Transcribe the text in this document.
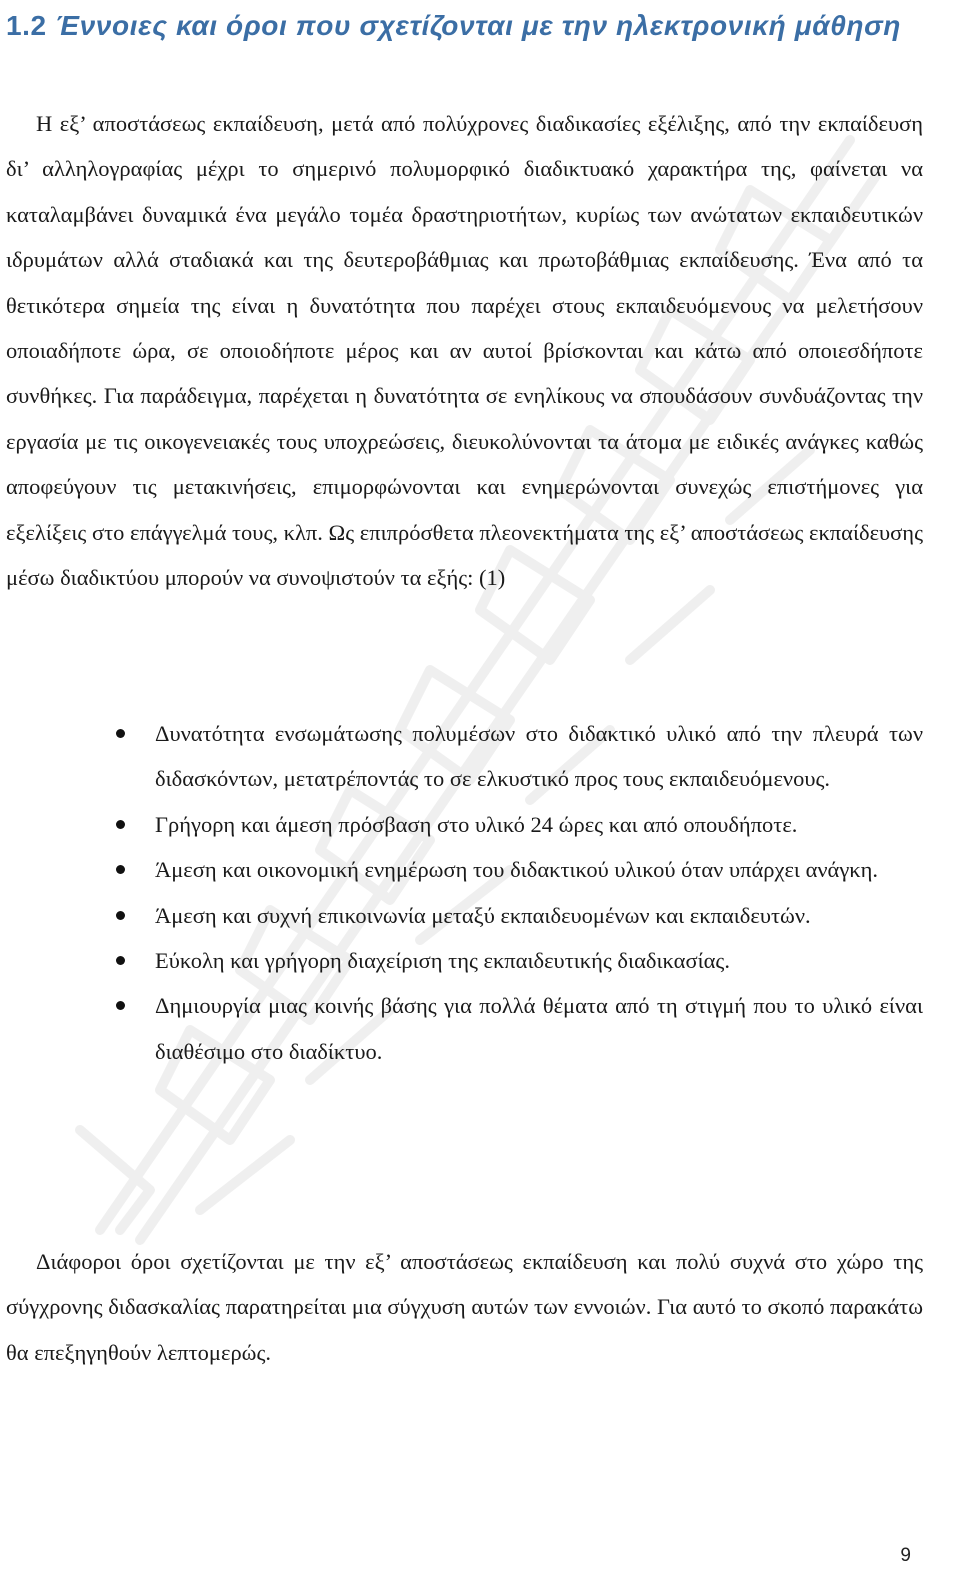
1.2 Έννοιες και όροι που σχετίζονται με την ηλεκτρονική μάθηση

Η εξ’ αποστάσεως εκπαίδευση, μετά από πολύχρονες διαδικασίες εξέλιξης, από την εκπαίδευση δι’ αλληλογραφίας μέχρι το σημερινό πολυμορφικό διαδικτυακό χαρακτήρα της, φαίνεται να καταλαμβάνει δυναμικά ένα μεγάλο τομέα δραστηριοτήτων, κυρίως των ανώτατων εκπαιδευτικών ιδρυμάτων αλλά σταδιακά και της δευτεροβάθμιας και πρωτοβάθμιας εκπαίδευσης. Ένα από τα θετικότερα σημεία της είναι η δυνατότητα που παρέχει στους εκπαιδευόμενους να μελετήσουν οποιαδήποτε ώρα, σε οποιοδήποτε μέρος και αν αυτοί βρίσκονται και κάτω από οποιεσδήποτε συνθήκες. Για παράδειγμα, παρέχεται η δυνατότητα σε ενηλίκους να σπουδάσουν συνδυάζοντας την εργασία με τις οικογενειακές τους υποχρεώσεις, διευκολύνονται τα άτομα με ειδικές ανάγκες καθώς αποφεύγουν τις μετακινήσεις, επιμορφώνονται και ενημερώνονται συνεχώς επιστήμονες για εξελίξεις στο επάγγελμά τους, κλπ. Ως επιπρόσθετα πλεονεκτήματα της εξ’ αποστάσεως εκπαίδευσης μέσω διαδικτύου μπορούν να συνοψιστούν τα εξής: (1)

Δυνατότητα ενσωμάτωσης πολυμέσων στο διδακτικό υλικό από την πλευρά των διδασκόντων, μετατρέποντάς το σε ελκυστικό προς τους εκπαιδευόμενους.
Γρήγορη και άμεση πρόσβαση στο υλικό 24 ώρες και από οπουδήποτε.
Άμεση και οικονομική ενημέρωση του διδακτικού υλικού όταν υπάρχει ανάγκη.
Άμεση και συχνή επικοινωνία μεταξύ εκπαιδευομένων και εκπαιδευτών.
Εύκολη και γρήγορη διαχείριση της εκπαιδευτικής διαδικασίας.
Δημιουργία μιας κοινής βάσης για πολλά θέματα από τη στιγμή που το υλικό είναι διαθέσιμο στο διαδίκτυο.

Διάφοροι όροι σχετίζονται με την εξ’ αποστάσεως εκπαίδευση και πολύ συχνά στο χώρο της σύγχρονης διδασκαλίας παρατηρείται μια σύγχυση αυτών των εννοιών. Για αυτό το σκοπό παρακάτω θα επεξηγηθούν λεπτομερώς.

9
